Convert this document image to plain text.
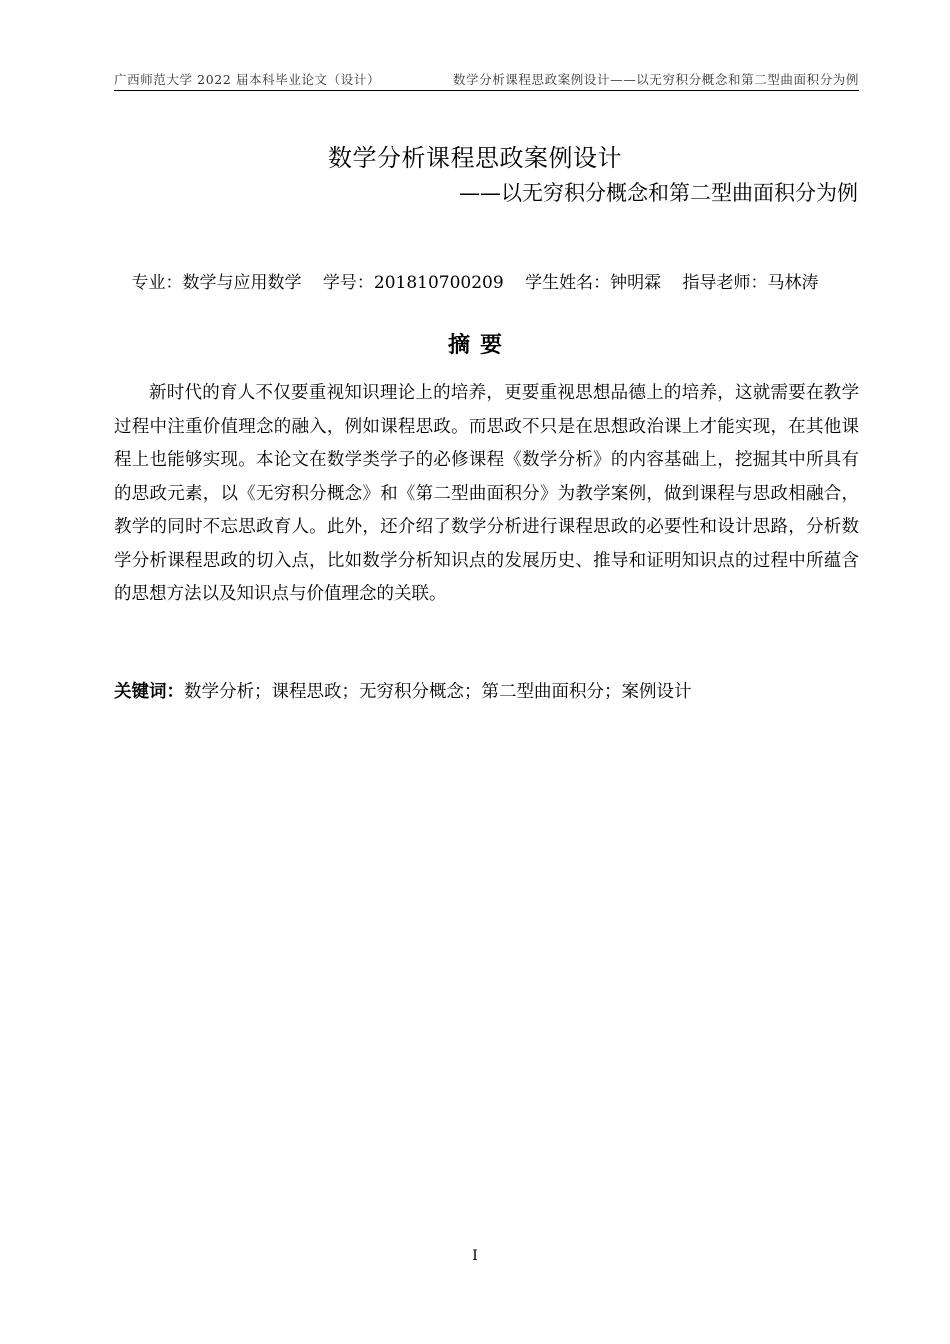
广西师范大学 2022 届本科毕业论文（设计）	数学分析课程思政案例设计——以无穷积分概念和第二型曲面积分为例
数学分析课程思政案例设计
——以无穷积分概念和第二型曲面积分为例
专业：数学与应用数学 学号：201810700209 学生姓名：钟明霖 指导老师：马林涛
摘要

新时代的育人不仅要重视知识理论上的培养，更要重视思想品德上的培养，这就需要在教学过程中注重价值理念的融入，例如课程思政。而思政不只是在思想政治课上才能实现，在其他课程上也能够实现。本论文在数学类学子的必修课程《数学分析》的内容基础上，挖掘其中所具有的思政元素，以《无穷积分概念》和《第二型曲面积分》为教学案例，做到课程与思政相融合，教学的同时不忘思政育人。此外，还介绍了数学分析进行课程思政的必要性和设计思路，分析数学分析课程思政的切入点，比如数学分析知识点的发展历史、推导和证明知识点的过程中所蕴含的思想方法以及知识点与价值理念的关联。

关键词：数学分析；课程思政；无穷积分概念；第二型曲面积分；案例设计
I
